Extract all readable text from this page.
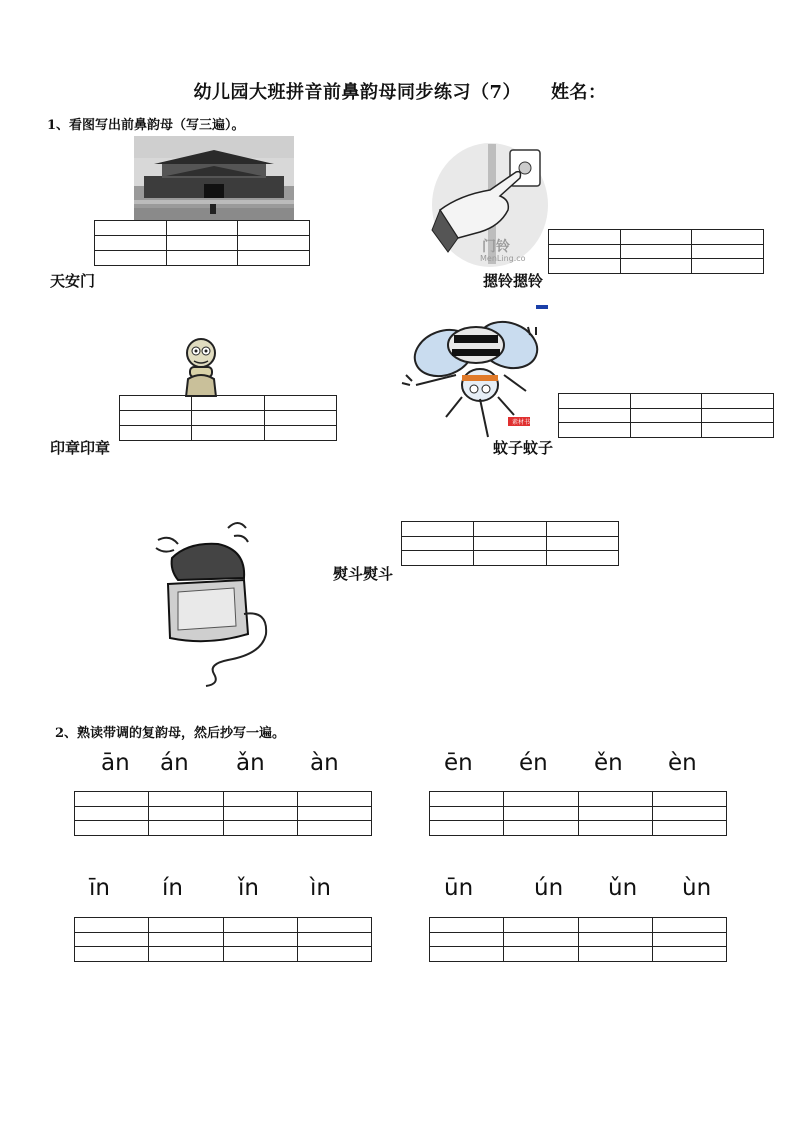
幼儿园大班拼音前鼻韵母同步练习（7） 姓名：
1、看图写出前鼻韵母（写三遍）。
天安门
门铃
MenLing.co
摁铃摁铃
印章印章
素材书
蚊子蚊子
熨斗熨斗
2、熟读带调的复韵母，然后抄写一遍。
ān án ǎn àn	ēn én ěn èn
īn ín ǐn ìn	ūn	ún ǔn ùn
